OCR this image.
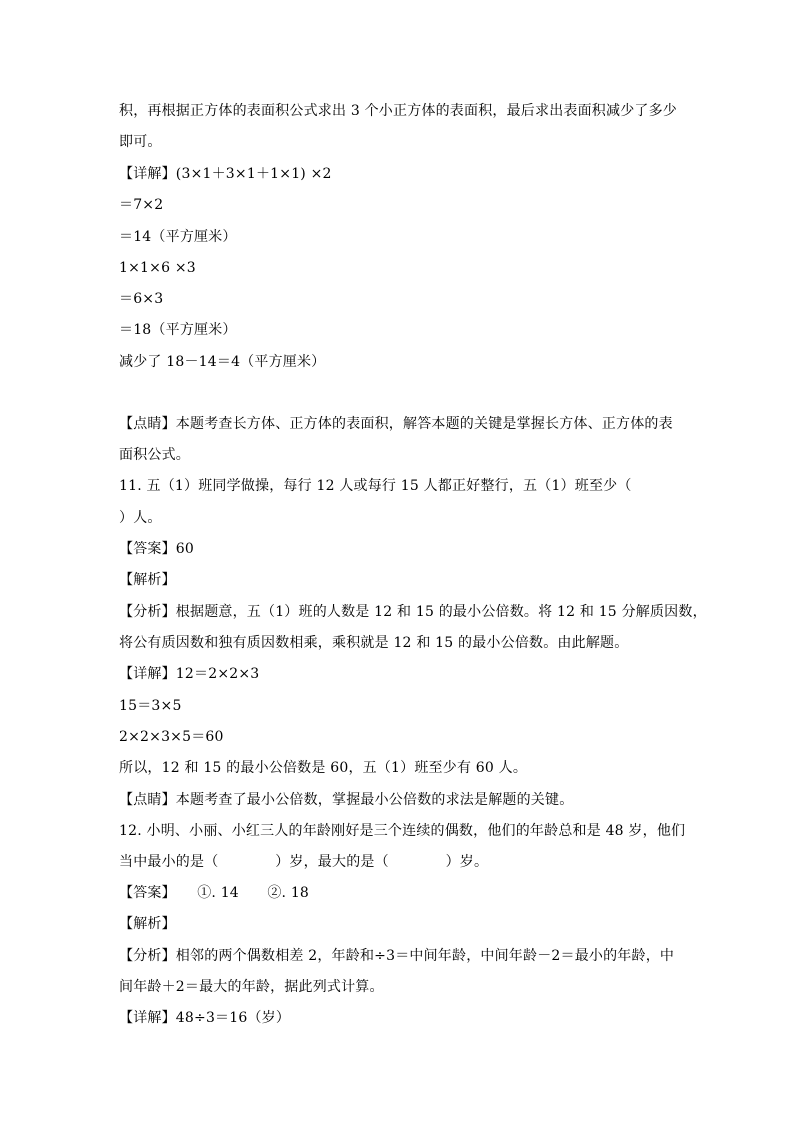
积，再根据正方体的表面积公式求出 3 个小正方体的表面积，最后求出表面积减少了多少
即可。
【详解】(3×1＋3×1＋1×1) ×2
＝7×2
＝14（平方厘米）
1×1×6 ×3
＝6×3
＝18（平方厘米）
减少了 18－14＝4（平方厘米）
【点睛】本题考查长方体、正方体的表面积，解答本题的关键是掌握长方体、正方体的表
面积公式。
11. 五（1）班同学做操，每行 12 人或每行 15 人都正好整行，五（1）班至少（
）人。
【答案】60
【解析】
【分析】根据题意，五（1）班的人数是 12 和 15 的最小公倍数。将 12 和 15 分解质因数，
将公有质因数和独有质因数相乘，乘积就是 12 和 15 的最小公倍数。由此解题。
【详解】12＝2×2×3
15＝3×5
2×2×3×5＝60
所以，12 和 15 的最小公倍数是 60，五（1）班至少有 60 人。
【点睛】本题考查了最小公倍数，掌握最小公倍数的求法是解题的关键。
12. 小明、小丽、小红三人的年龄刚好是三个连续的偶数，他们的年龄总和是 48 岁，他们
当中最小的是（　　　　）岁，最大的是（　　　　）岁。
【答案】　　①. 14　　②. 18
【解析】
【分析】相邻的两个偶数相差 2，年龄和÷3＝中间年龄，中间年龄－2＝最小的年龄，中
间年龄＋2＝最大的年龄，据此列式计算。
【详解】48÷3＝16（岁）
